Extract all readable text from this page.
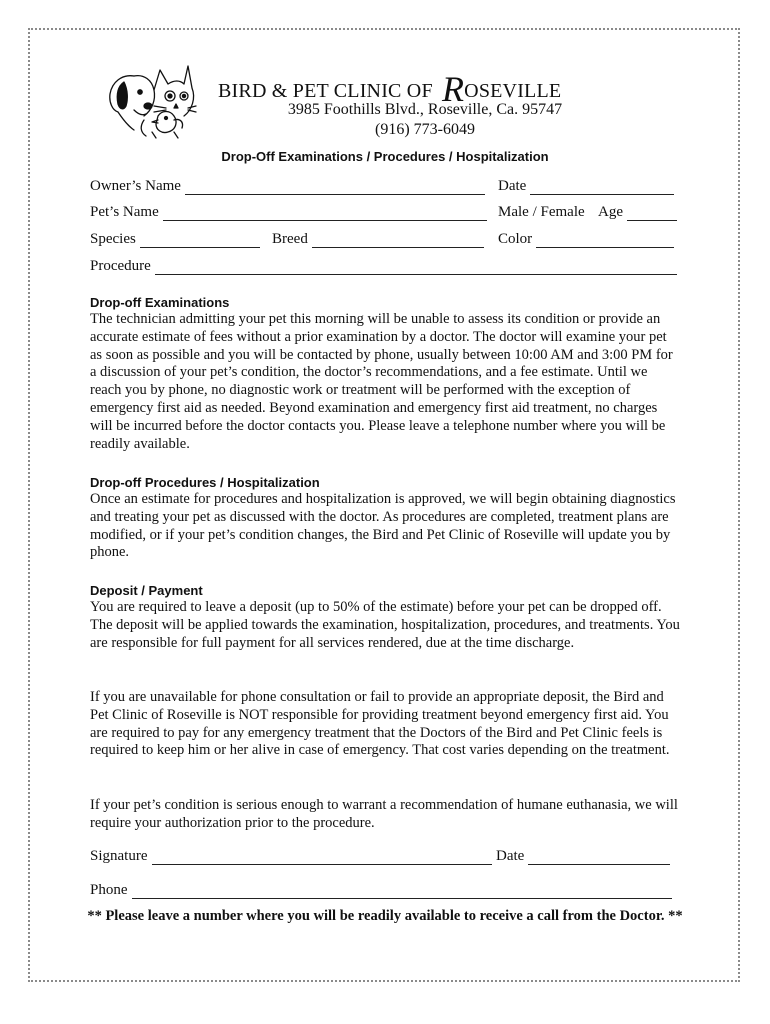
BIRD & PET CLINIC OF ROSEVILLE
3985 Foothills Blvd., Roseville, Ca. 95747
(916) 773-6049
Drop-Off Examinations / Procedures / Hospitalization
Owner’s Name	Date
Pet’s Name	Male / Female Age
Species	Breed	Color
Procedure
Drop-off Examinations

The technician admitting your pet this morning will be unable to assess its condition or provide an accurate estimate of fees without a prior examination by a doctor. The doctor will examine your pet as soon as possible and you will be contacted by phone, usually between 10:00 AM and 3:00 PM for a discussion of your pet’s condition, the doctor’s recommendations, and a fee estimate. Until we reach you by phone, no diagnostic work or treatment will be performed with the exception of emergency first aid as needed. Beyond examination and emergency first aid treatment, no charges will be incurred before the doctor contacts you. Please leave a telephone number where you will be readily available.

Drop-off Procedures / Hospitalization

Once an estimate for procedures and hospitalization is approved, we will begin obtaining diagnostics and treating your pet as discussed with the doctor. As procedures are completed, treatment plans are modified, or if your pet’s condition changes, the Bird and Pet Clinic of Roseville will update you by phone.

Deposit / Payment

You are required to leave a deposit (up to 50% of the estimate) before your pet can be dropped off. The deposit will be applied towards the examination, hospitalization, procedures, and treatments. You are responsible for full payment for all services rendered, due at the time discharge.

If you are unavailable for phone consultation or fail to provide an appropriate deposit, the Bird and Pet Clinic of Roseville is NOT responsible for providing treatment beyond emergency first aid. You are required to pay for any emergency treatment that the Doctors of the Bird and Pet Clinic feels is required to keep him or her alive in case of emergency. That cost varies depending on the treatment.

If your pet’s condition is serious enough to warrant a recommendation of humane euthanasia, we will require your authorization prior to the procedure.

Signature	Date
Phone
** Please leave a number where you will be readily available to receive a call from the Doctor. **
